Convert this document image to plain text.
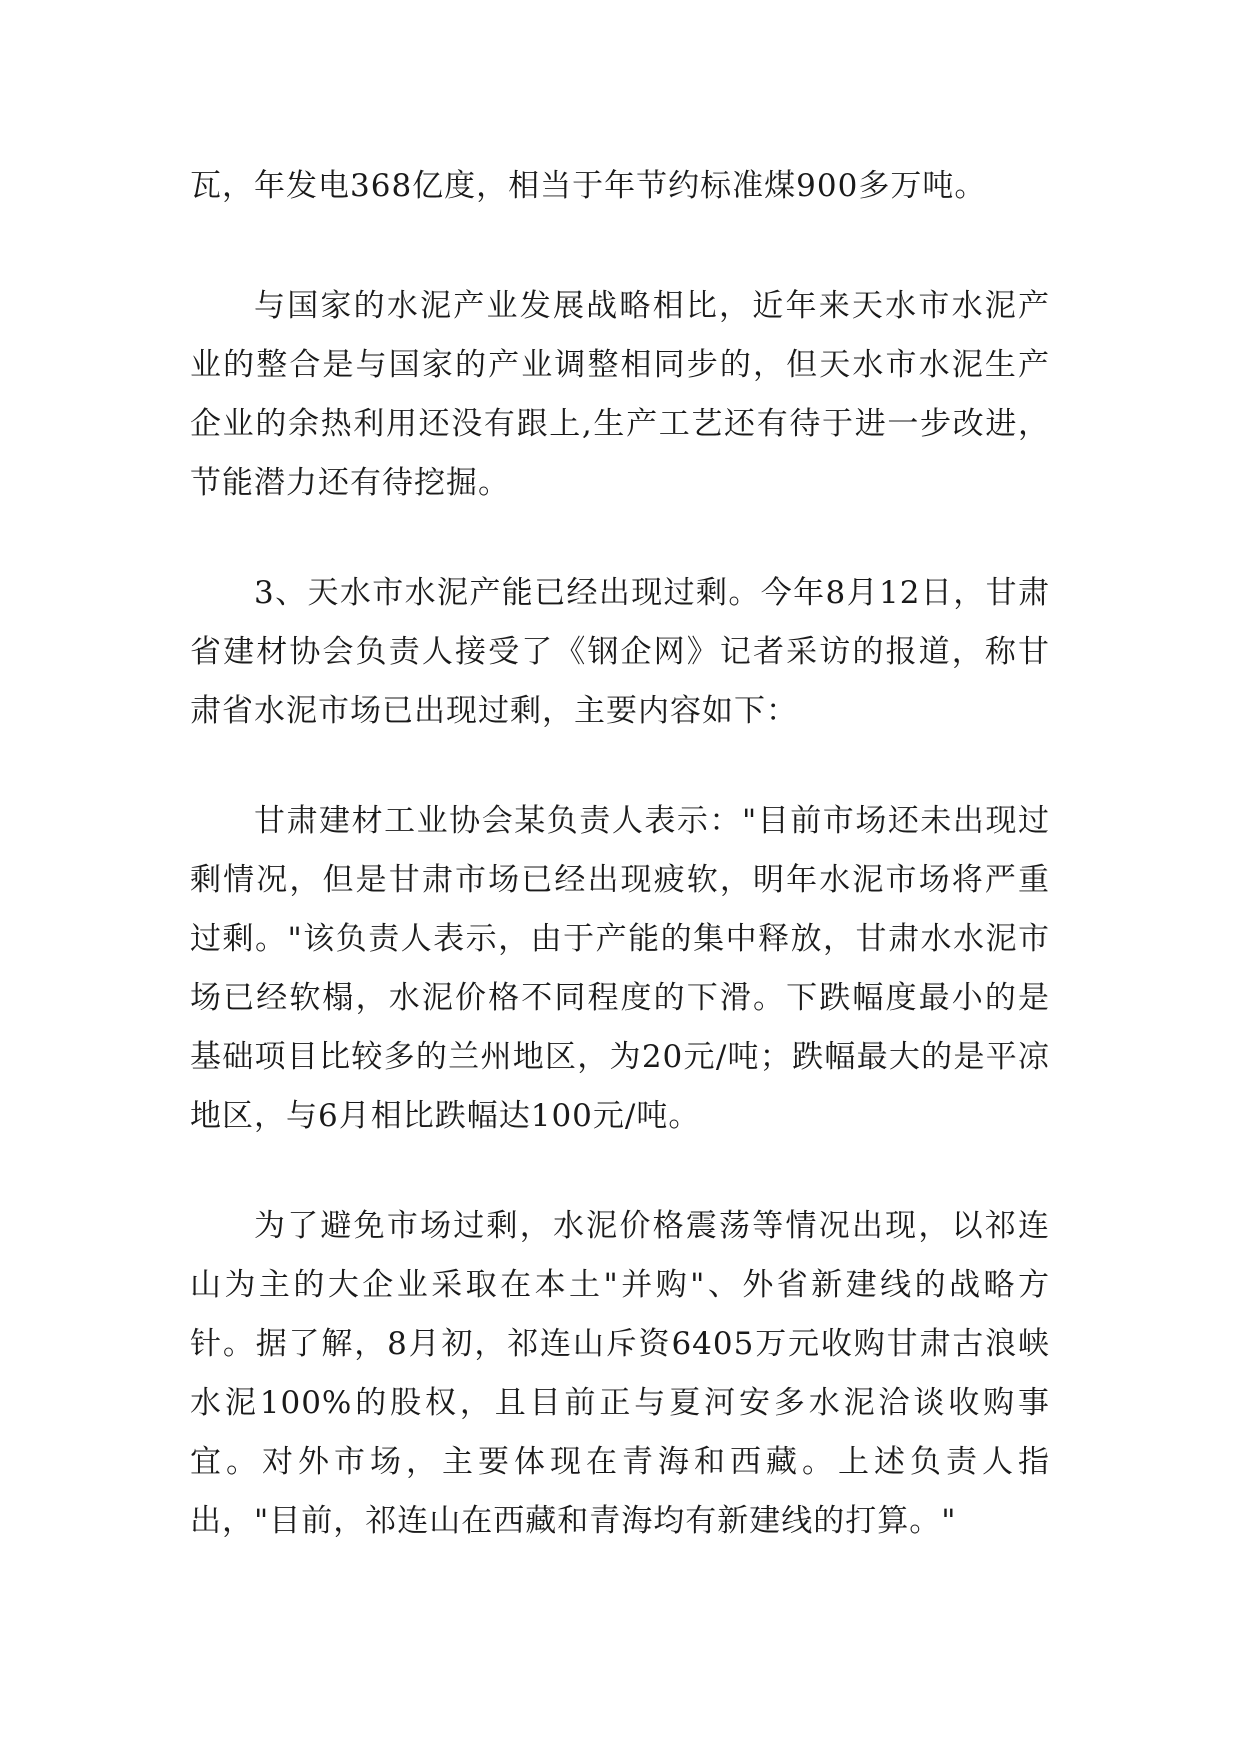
瓦，年发电368亿度，相当于年节约标准煤900多万吨。

与国家的水泥产业发展战略相比，近年来天水市水泥产业的整合是与国家的产业调整相同步的，但天水市水泥生产企业的余热利用还没有跟上,生产工艺还有待于进一步改进，节能潜力还有待挖掘。

3、天水市水泥产能已经出现过剩。今年8月12日，甘肃省建材协会负责人接受了《钢企网》记者采访的报道，称甘肃省水泥市场已出现过剩，主要内容如下：

甘肃建材工业协会某负责人表示："目前市场还未出现过剩情况，但是甘肃市场已经出现疲软，明年水泥市场将严重过剩。"该负责人表示，由于产能的集中释放，甘肃水水泥市场已经软榻，水泥价格不同程度的下滑。下跌幅度最小的是基础项目比较多的兰州地区，为20元/吨；跌幅最大的是平凉地区，与6月相比跌幅达100元/吨。

为了避免市场过剩，水泥价格震荡等情况出现，以祁连山为主的大企业采取在本土"并购"、外省新建线的战略方针。据了解，8月初，祁连山斥资6405万元收购甘肃古浪峡水泥100%的股权，且目前正与夏河安多水泥洽谈收购事宜。对外市场，主要体现在青海和西藏。上述负责人指出，"目前，祁连山在西藏和青海均有新建线的打算。"
